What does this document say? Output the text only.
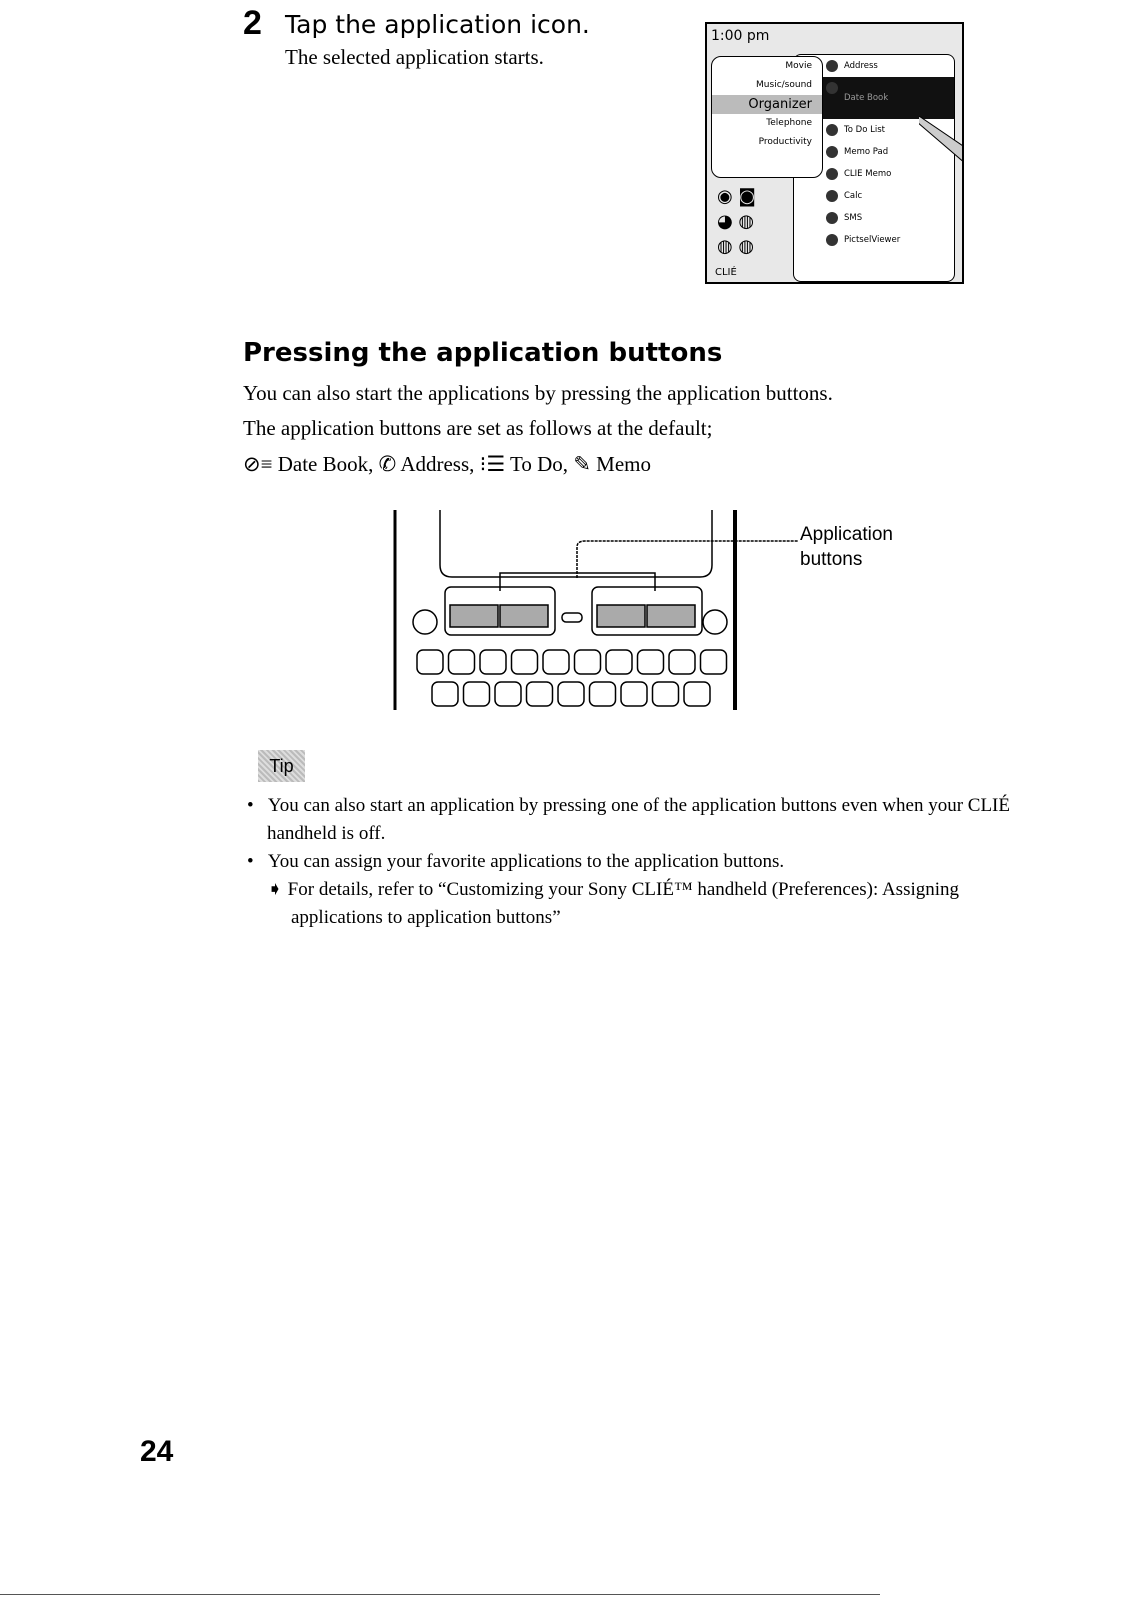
2 Tap the application icon.
The selected application starts.
1:00 pm
Address
Date Book
To Do List
Memo Pad
CLIE Memo
Calc
SMS
PictselViewer
Movie
Music/sound
Organizer
Telephone
Productivity
◉ ◙
◕ ◍
◍ ◍
CLIÉ
Pressing the application buttons
You can also start the applications by pressing the application buttons.
The application buttons are set as follows at the default;
⊘≡ Date Book, ✆ Address, ⁝☰ To Do, ✎ Memo
Application
buttons
Tip
•   You can also start an application by pressing one of the application buttons even when your CLIÉ handheld is off.
•   You can assign your favorite applications to the application buttons.
➧ For details, refer to “Customizing your Sony CLIÉ™ handheld (Preferences): Assigning applications to application buttons”
24
